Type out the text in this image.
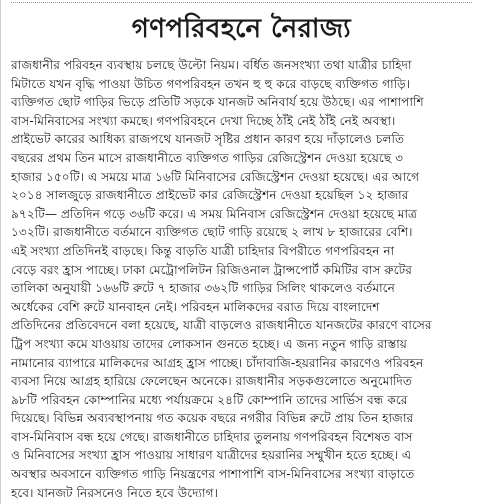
গণপরিবহনে নৈরাজ্য
রাজধানীর পরিবহন ব্যবস্থায় চলছে উল্টো নিয়ম। বর্ধিত জনসংখ্যা তথা যাত্রীর চাহিদা
মিটাতে যখন বৃদ্ধি পাওয়া উচিত গণপরিবহন তখন হু হু করে বাড়ছে ব্যক্তিগত গাড়ি।
ব্যক্তিগত ছোট গাড়ির ভিড়ে প্রতিটি সড়কে যানজট অনিবার্য হয়ে উঠছে। এর পাশাপাশি
বাস-মিনিবাসের সংখ্যা কমছে। গণপরিবহনে দেখা দিচ্ছে ঠাঁই নেই ঠাঁই নেই অবস্থা।
প্রাইভেট কারের আধিক্য রাজপথে যানজট সৃষ্টির প্রধান কারণ হয়ে দাঁড়ালেও চলতি
বছরের প্রথম তিন মাসে রাজধানীতে ব্যক্তিগত গাড়ির রেজিস্ট্রেশন দেওয়া হয়েছে ৩
হাজার ১৫০টি। এ সময়ে মাত্র ১৬টি মিনিবাসের রেজিস্ট্রেশন দেওয়া হয়েছে। এর আগে
২০১৪ সালজুড়ে রাজধানীতে প্রাইভেট কার রেজিস্ট্রেশন দেওয়া হয়েছিল ১২ হাজার
৯৭২টি— প্রতিদিন গড়ে ৩৬টি করে। এ সময় মিনিবাস রেজিস্ট্রেশন দেওয়া হয়েছে মাত্র
১৩২টি। রাজধানীতে বর্তমানে ব্যক্তিগত ছোট গাড়ি রয়েছে ২ লাখ ৮ হাজারের বেশি।
এই সংখ্যা প্রতিদিনই বাড়ছে। কিন্তু বাড়তি যাত্রী চাহিদার বিপরীতে গণপরিবহন না
বেড়ে বরং হ্রাস পাচ্ছে। ঢাকা মেট্রোপলিটন রিজিওনাল ট্রান্সপোর্ট কমিটির বাস রুটের
তালিকা অনুযায়ী ১৬৬টি রুটে ৭ হাজার ৩৬২টি গাড়ির সিলিং থাকলেও বর্তমানে
অর্ধেকের বেশি রুটে যানবাহন নেই। পরিবহন মালিকদের বরাত দিয়ে বাংলাদেশ
প্রতিদিনের প্রতিবেদনে বলা হয়েছে, যাত্রী বাড়লেও রাজধানীতে যানজটের কারণে বাসের
ট্রিপ সংখ্যা কমে যাওয়ায় তাদের লোকসান গুনতে হচ্ছে। এ জন্য নতুন গাড়ি রাস্তায়
নামানোর ব্যাপারে মালিকদের আগ্রহ হ্রাস পাচ্ছে। চাঁদাবাজি-হয়রানির কারণেও পরিবহন
ব্যবসা নিয়ে আগ্রহ হারিয়ে ফেলেছেন অনেকে। রাজধানীর সড়কগুলোতে অনুমোদিত
৯৮টি পরিবহন কোম্পানির মধ্যে পর্যায়ক্রমে ২৪টি কোম্পানি তাদের সার্ভিস বন্ধ করে
দিয়েছে। বিভিন্ন অব্যবস্থাপনায় গত কয়েক বছরে নগরীর বিভিন্ন রুটে প্রায় তিন হাজার
বাস-মিনিবাস বন্ধ হয়ে গেছে। রাজধানীতে চাহিদার তুলনায় গণপরিবহন বিশেষত বাস
ও মিনিবাসের সংখ্যা হ্রাস পাওয়ায় সাধারণ যাত্রীদের হয়রানির সম্মুখীন হতে হচ্ছে। এ
অবস্থার অবসানে ব্যক্তিগত গাড়ি নিয়ন্ত্রণের পাশাপাশি বাস-মিনিবাসের সংখ্যা বাড়াতে
হবে। যানজট নিরসনেও নিতে হবে উদ্যোগ।
